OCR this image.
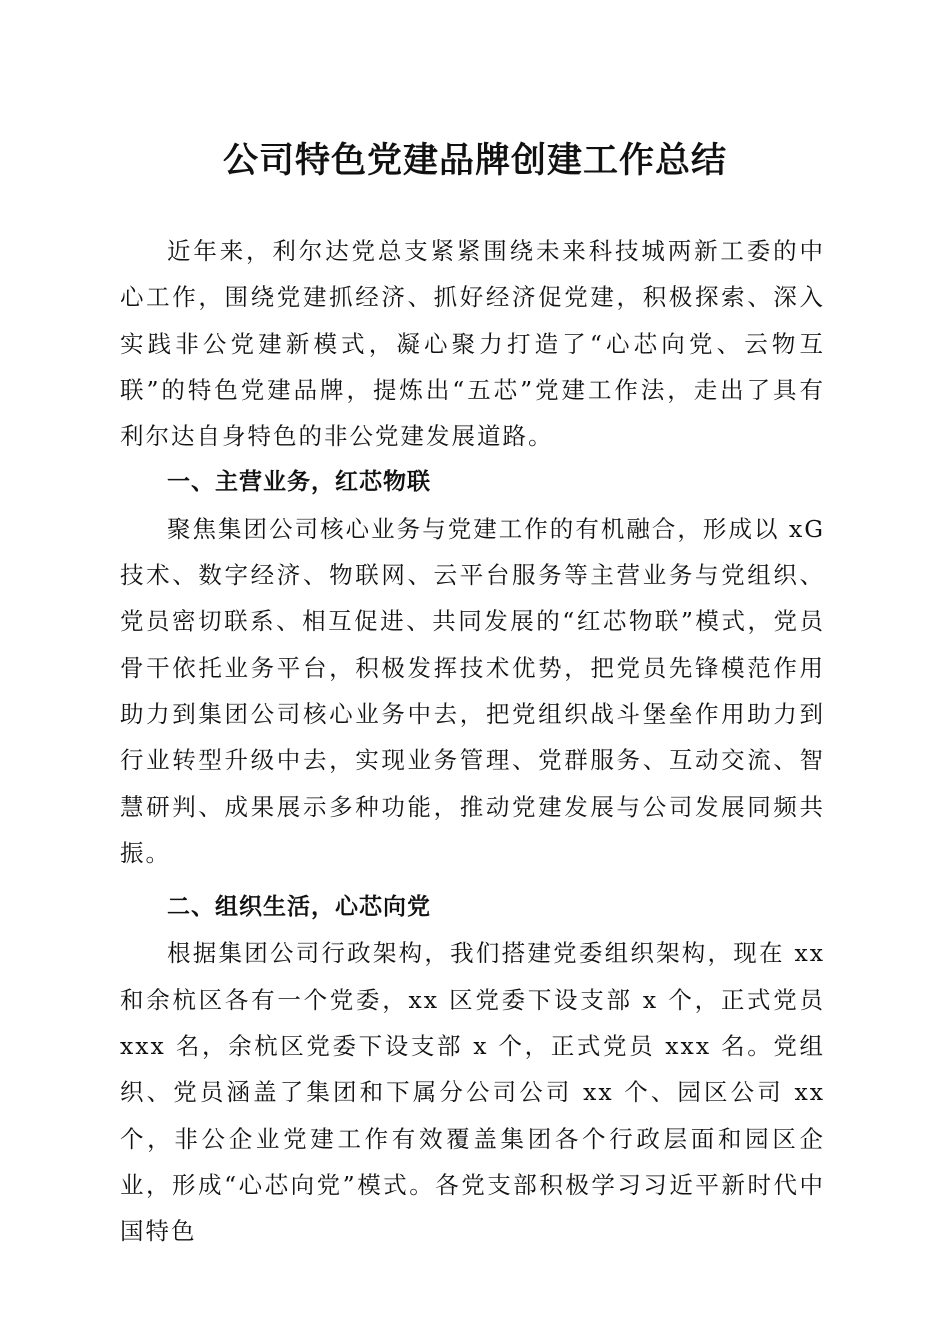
公司特色党建品牌创建工作总结

近年来，利尔达党总支紧紧围绕未来科技城两新工委的中心工作，围绕党建抓经济、抓好经济促党建，积极探索、深入实践非公党建新模式，凝心聚力打造了“心芯向党、云物互联”的特色党建品牌，提炼出“五芯”党建工作法，走出了具有利尔达自身特色的非公党建发展道路。

一、主营业务，红芯物联

聚焦集团公司核心业务与党建工作的有机融合，形成以 xG 技术、数字经济、物联网、云平台服务等主营业务与党组织、党员密切联系、相互促进、共同发展的“红芯物联”模式，党员骨干依托业务平台，积极发挥技术优势，把党员先锋模范作用助力到集团公司核心业务中去，把党组织战斗堡垒作用助力到行业转型升级中去，实现业务管理、党群服务、互动交流、智慧研判、成果展示多种功能，推动党建发展与公司发展同频共振。

二、组织生活，心芯向党

根据集团公司行政架构，我们搭建党委组织架构，现在 xx 和余杭区各有一个党委，xx 区党委下设支部 x 个，正式党员 xxx 名，余杭区党委下设支部 x 个，正式党员 xxx 名。党组织、党员涵盖了集团和下属分公司公司 xx 个、园区公司 xx 个，非公企业党建工作有效覆盖集团各个行政层面和园区企业，形成“心芯向党”模式。各党支部积极学习习近平新时代中国特色
